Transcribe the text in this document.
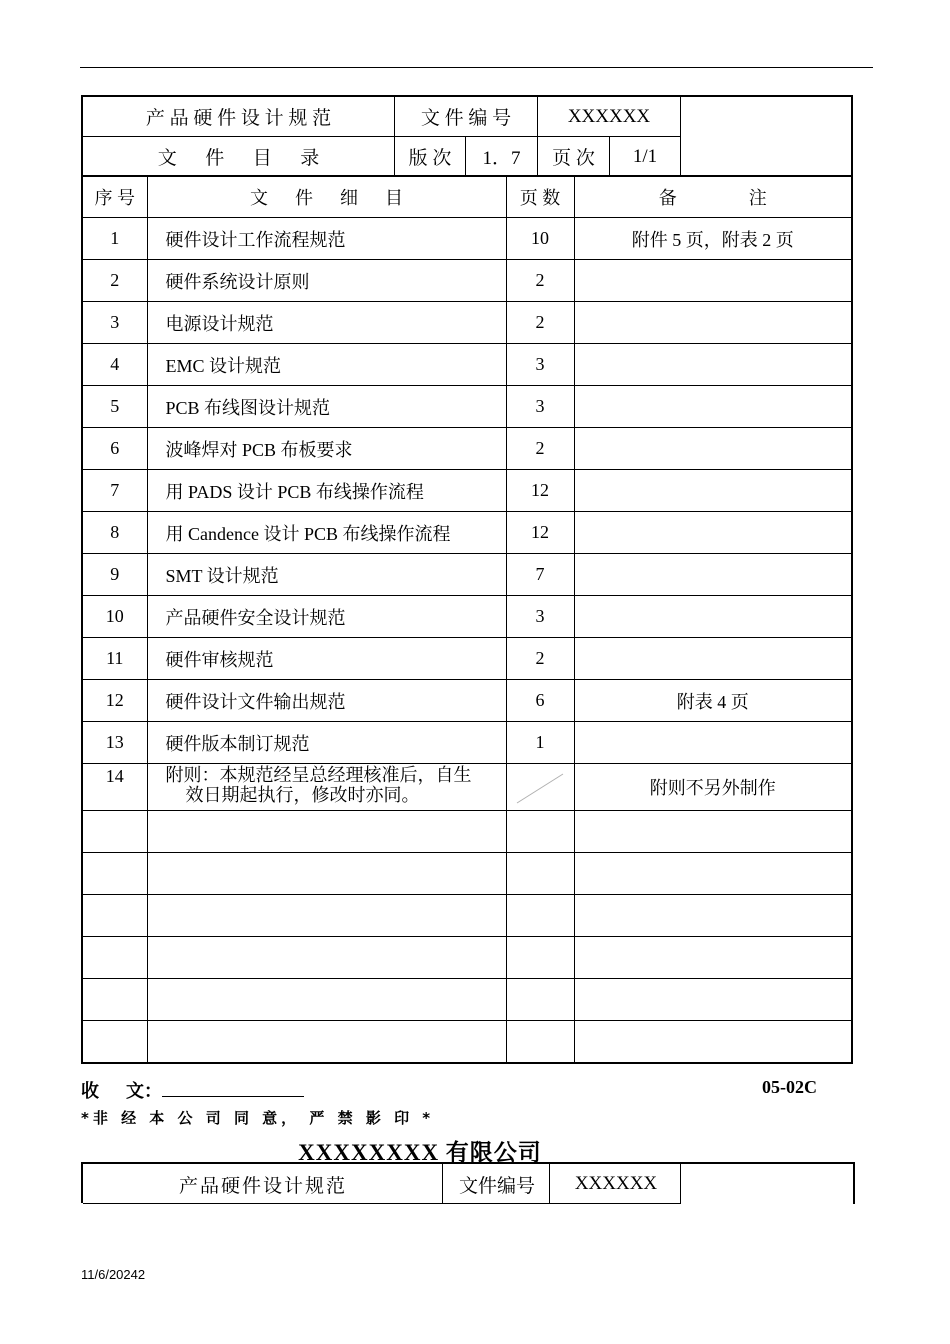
产 品 硬 件 设 计 规 范	文 件 编 号	XXXXXX
文      件      目      录	版 次	1．7	页 次	1/1
序 号	文      件      细      目	页 数	备                注
1	硬件设计工作流程规范	10	附件 5 页，附表 2 页
2	硬件系统设计原则	2	
3	电源设计规范	2	
4	EMC 设计规范	3	
5	PCB 布线图设计规范	3	
6	波峰焊对 PCB 布板要求	2	
7	用 PADS 设计 PCB 布线操作流程	12	
8	用 Candence 设计 PCB 布线操作流程	12	
9	SMT 设计规范	7	
10	产品硬件安全设计规范	3	
11	硬件审核规范	2	
12	硬件设计文件输出规范	6	附表 4 页
13	硬件版本制订规范	1	
14	附则：本规范经呈总经理核准后，自生
效日期起执行，修改时亦同。		附则不另外制作

收      文：	05-02C
*非 经 本 公 司 同 意， 严 禁 影 印 *
XXXXXXXX 有限公司
产品硬件设计规范	文件编号	XXXXXX
11/6/20242
